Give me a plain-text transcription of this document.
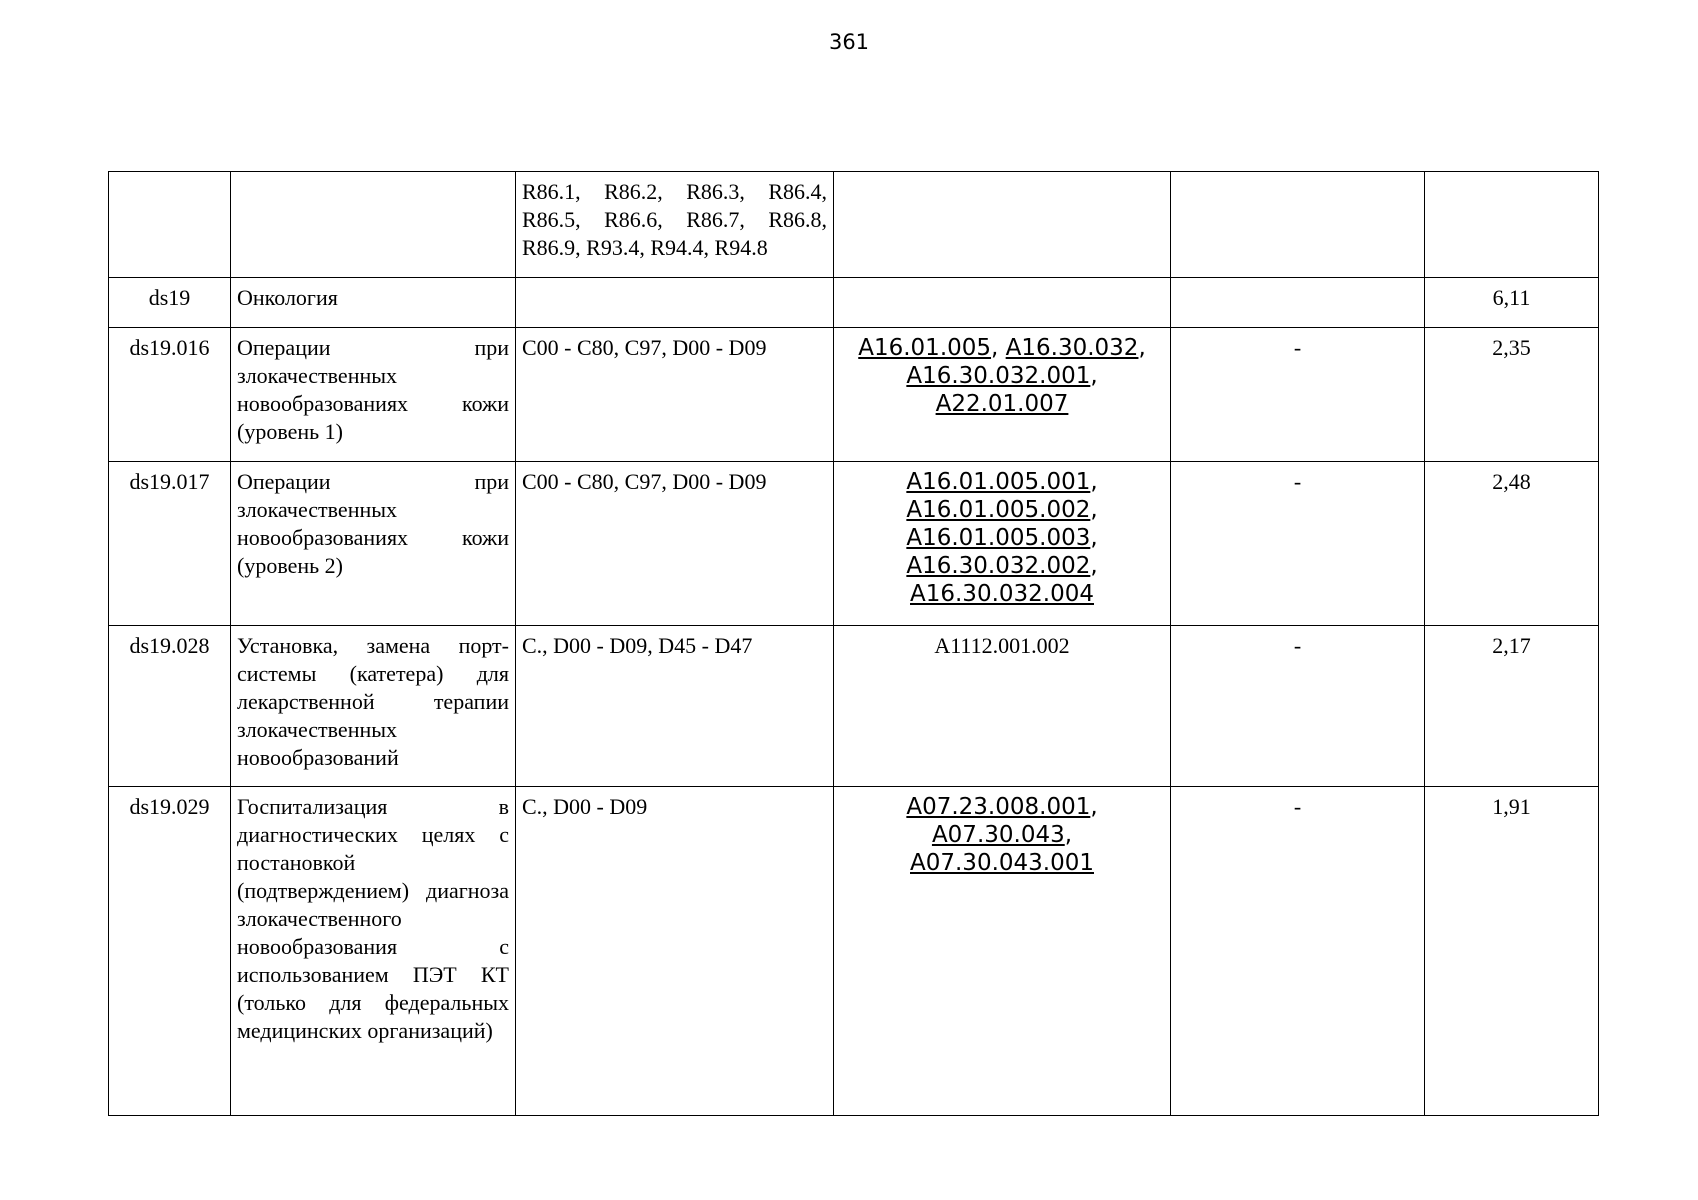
361

		R86.1, R86.2, R86.3, R86.4,
R86.5, R86.6, R86.7, R86.8,
R86.9, R93.4, R94.4, R94.8			

ds19	Онкология				6,11
ds19.016	Операции при злокачественных новообразованиях кожи (уровень 1)	C00 - C80, C97, D00 - D09	A16.01.005, A16.30.032,
A16.30.032.001,
A22.01.007	-	2,35
ds19.017	Операции при злокачественных новообразованиях кожи (уровень 2)	C00 - C80, C97, D00 - D09	A16.01.005.001,
A16.01.005.002,
A16.01.005.003,
A16.30.032.002,
A16.30.032.004	-	2,48
ds19.028	Установка, замена порт-системы (катетера) для лекарственной терапии злокачественных новообразований	C., D00 - D09, D45 - D47	A1112.001.002	-	2,17
ds19.029	Госпитализация в диагностических целях с постановкой (подтверждением) диагноза злокачественного новообразования с использованием ПЭТ КТ (только для федеральных медицинских организаций)	C., D00 - D09	A07.23.008.001,
A07.30.043,
A07.30.043.001	-	1,91
